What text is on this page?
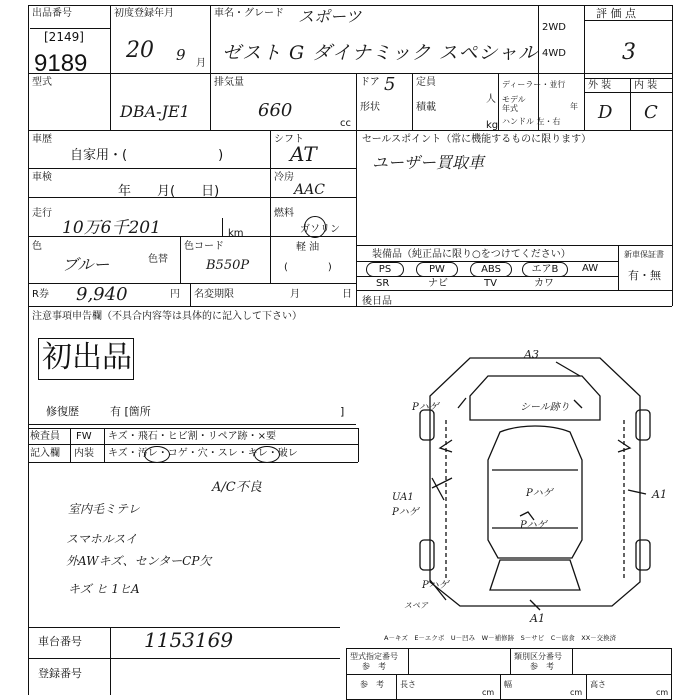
出品番号
[2149]
9189
初度登録年月
20 9 月
車名・グレード スポーツ
ゼスト G ダイナミック スペシャル
2WD
4WD
評 価 点
3
外 装 内 装
D C
型式
DBA-JE1
排気量
660
cc
ドア 5
形状
定員
人
積載
kg
ディーラー・並行
モデル年式	年
ハンドル 左・右
車歴
自家用・(　　　　　　　)
車検
年　　月(　　日)
走行
10万6千201	km
色
ブルー	色替
色コード
B550P
R券 9,940	円 名変期限	月	日
シフト
AT
冷房
AAC
燃料
ガソリン
軽 油
(　　　　)
注意事項申告欄（不具合内容等は具体的に記入して下さい）
初出品
修復歴	有 [箇所	]
セールスポイント（常に機能するものに限ります）
ユーザー買取車
装備品（純正品に限り○をつけてください）	新車保証書
有・無
PS	PW	ABS	エアB	AW
SR	ナビ	TV	カワ
後日品
検査員 FW キズ・飛石・ヒビ割・リペア跡・×要
記入欄 内装 キズ・汚レ・コゲ・穴・スレ・キレ・破レ
A/C不良
室内毛ミテレ
スマホルスイ
外AWキズ、センターCP欠
キズ ヒ 1ヒA
A3
シール跡り
Pハゲ
Pハゲ
Pハゲ
UA1 Pハゲ
A1
Pハゲ
スペア
A1
車台番号	1153169
登録番号
A－キズ　E－エクボ　U－凹み　W－補修跡　S－サビ　C－腐食　XX－交換済
型式指定番号
参　考
類別区分番号
参　考
参　考 長さ
cm
幅
cm
高さ
cm
